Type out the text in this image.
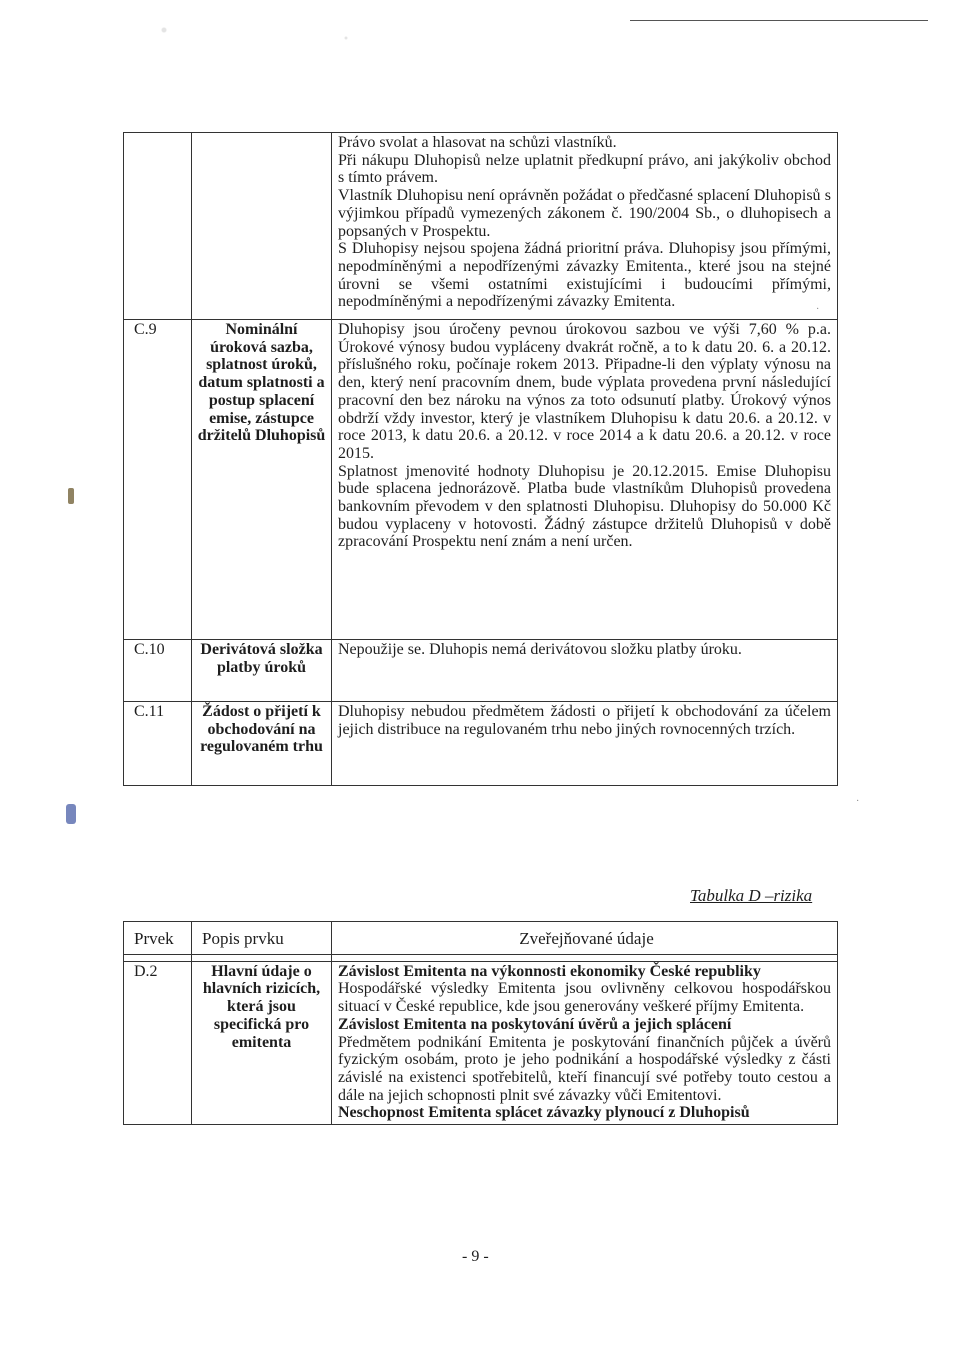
·
·

		Právo svolat a hlasovat na schůzi vlastníků.

Při nákupu Dluhopisů nelze uplatnit předkupní právo, ani jakýkoliv obchod s tímto právem.

Vlastník Dluhopisu není oprávněn požádat o předčasné splacení Dluhopisů s výjimkou případů vymezených zákonem č. 190/2004 Sb., o dluhopisech a popsaných v Prospektu.

S Dluhopisy nejsou spojena žádná prioritní práva. Dluhopisy jsou přímými, nepodmíněnými a nepodřízenými závazky Emitenta., které jsou na stejné úrovni se všemi ostatními existujícími i budoucími přímými, nepodmíněnými a nepodřízenými závazky Emitenta.

C.9	Nominální úroková sazba, splatnost úroků, datum splatnosti a postup splacení emise, zástupce držitelů Dluhopisů	Dluhopisy jsou úročeny pevnou úrokovou sazbou ve výši 7,60 % p.a. Úrokové výnosy budou vypláceny dvakrát ročně, a to k datu 20. 6. a 20.12. příslušného roku, počínaje rokem 2013. Připadne-li den výplaty výnosu na den, který není pracovním dnem, bude výplata provedena první následující pracovní den bez nároku na výnos za toto odsunutí platby. Úrokový výnos obdrží vždy investor, který je vlastníkem Dluhopisu k datu 20.6. a 20.12. v roce 2013, k datu 20.6. a 20.12. v roce 2014 a k datu 20.6. a 20.12. v roce 2015.

Splatnost jmenovité hodnoty Dluhopisu je 20.12.2015. Emise Dluhopisu bude splacena jednorázově. Platba bude vlastníkům Dluhopisů provedena bankovním převodem v den splatnosti Dluhopisu. Dluhopisy do 50.000 Kč budou vyplaceny v hotovosti. Žádný zástupce držitelů Dluhopisů v době zpracování Prospektu není znám a není určen.

C.10	Derivátová složka platby úroků	Nepoužije se. Dluhopis nemá derivátovou složku platby úroku.

C.11	Žádost o přijetí k obchodování na regulovaném trhu	Dluhopisy nebudou předmětem žádosti o přijetí k obchodování za účelem jejich distribuce na regulovaném trhu nebo jiných rovnocenných trzích.

Tabulka D –rizika
Prvek	Popis prvku	Zveřejňované údaje

D.2	Hlavní údaje o hlavních rizicích, která jsou specifická pro emitenta	Závislost Emitenta na výkonnosti ekonomiky České republiky

Hospodářské výsledky Emitenta jsou ovlivněny celkovou hospodářskou situací v České republice, kde jsou generovány veškeré příjmy Emitenta.

Závislost Emitenta na poskytování úvěrů a jejich splácení

Předmětem podnikání Emitenta je poskytování finančních půjček a úvěrů fyzickým osobám, proto je jeho podnikání a hospodářské výsledky z části závislé na existenci spotřebitelů, kteří financují své potřeby touto cestou a dále na jejich schopnosti plnit své závazky vůči Emitentovi.

Neschopnost Emitenta splácet závazky plynoucí z Dluhopisů

- 9 -
